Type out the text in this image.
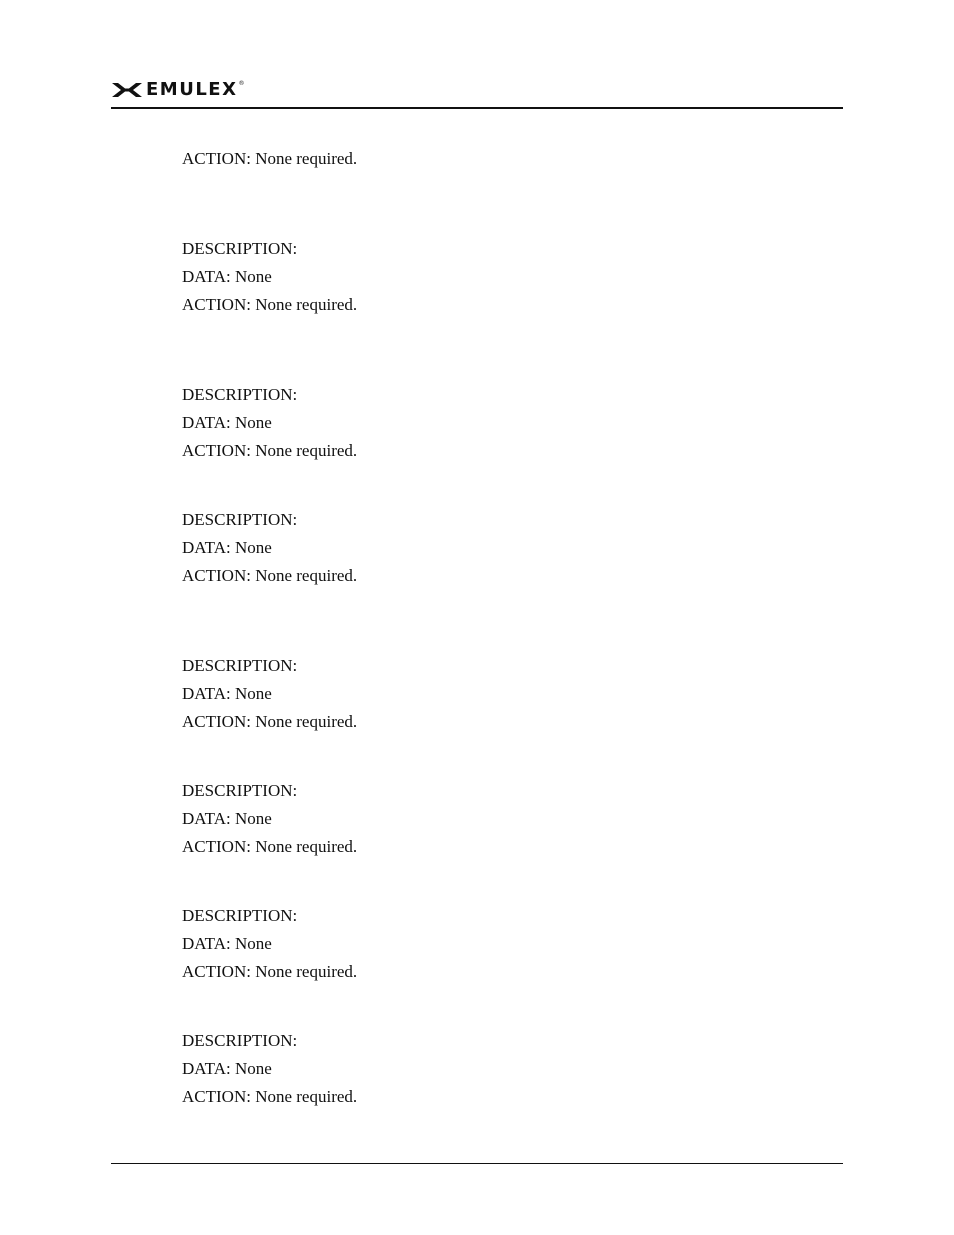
EMULEX ®
ACTION: None required.
DESCRIPTION:
DATA: None
ACTION: None required.
DESCRIPTION:
DATA: None
ACTION: None required.
DESCRIPTION:
DATA: None
ACTION: None required.
DESCRIPTION:
DATA: None
ACTION: None required.
DESCRIPTION:
DATA: None
ACTION: None required.
DESCRIPTION:
DATA: None
ACTION: None required.
DESCRIPTION:
DATA: None
ACTION: None required.
